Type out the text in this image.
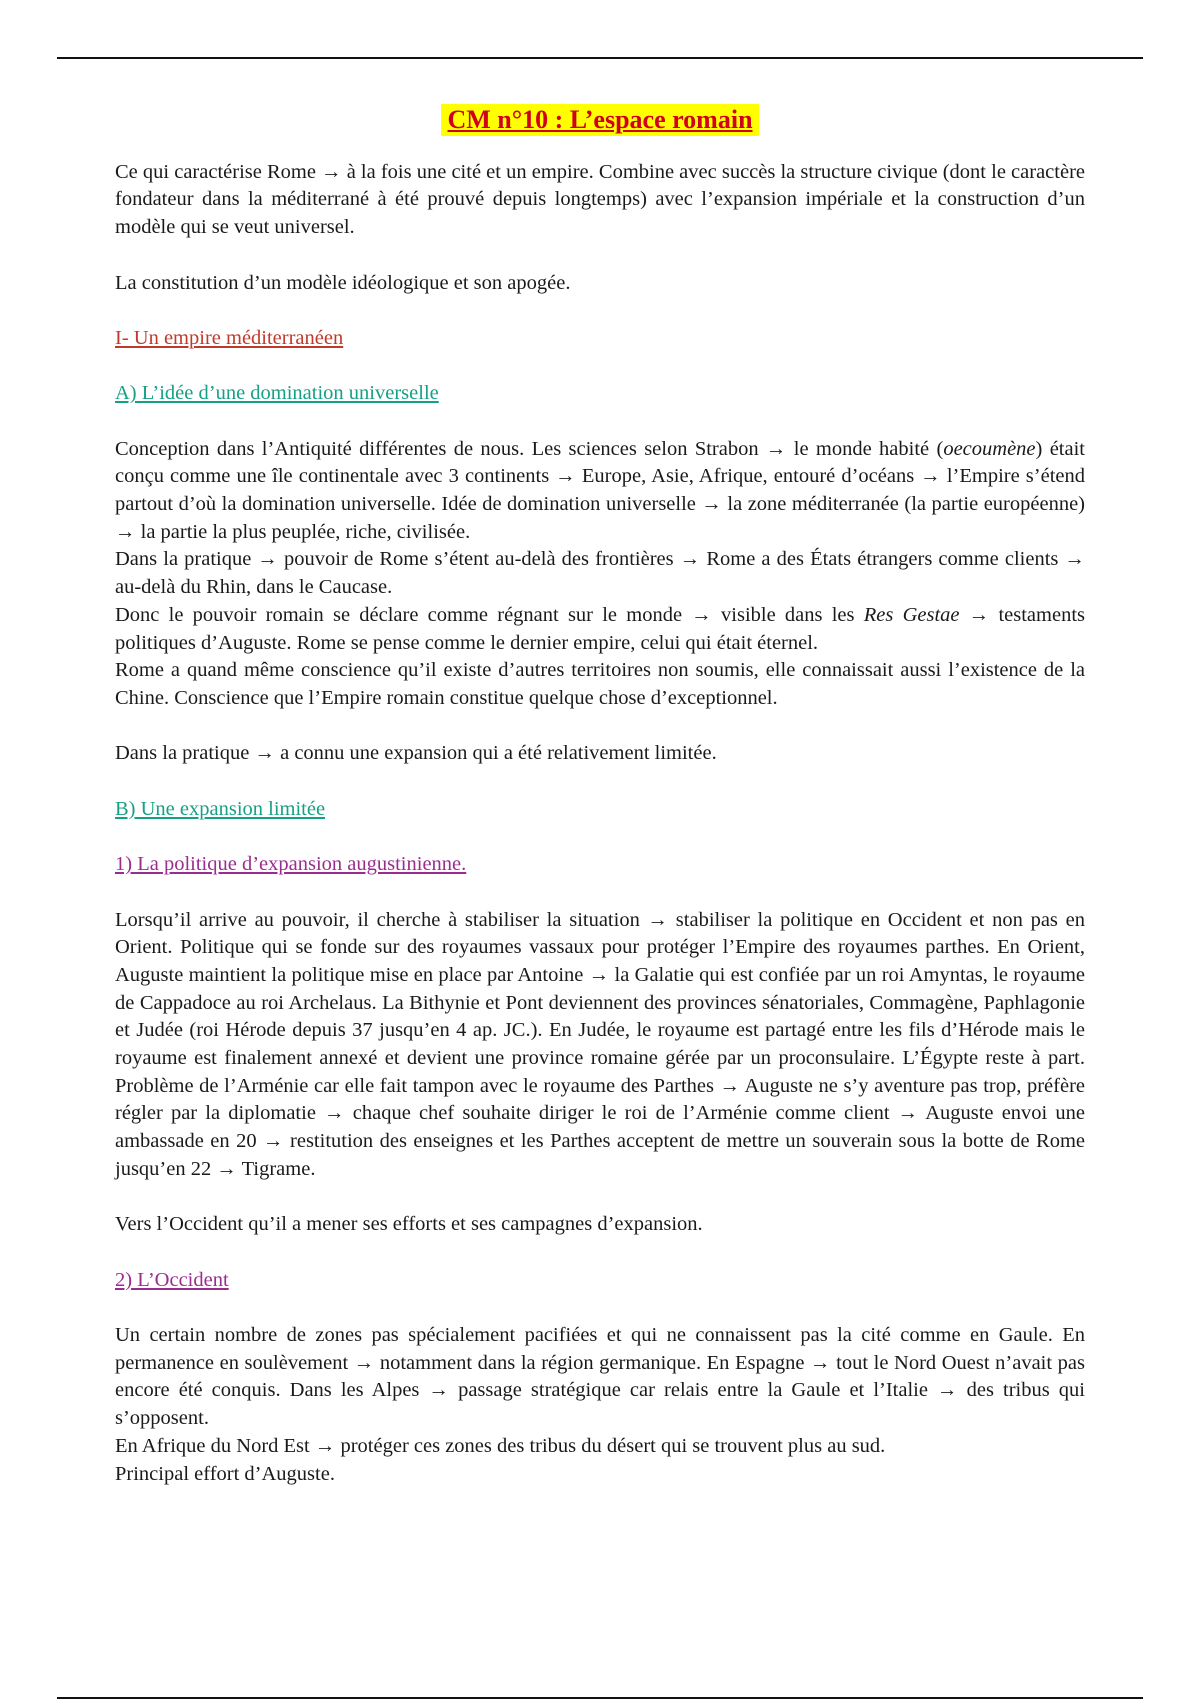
CM n°10 : L’espace romain

Ce qui caractérise Rome → à la fois une cité et un empire. Combine avec succès la structure civique (dont le caractère fondateur dans la méditerrané à été prouvé depuis longtemps) avec l’expansion impériale et la construction d’un modèle qui se veut universel.

La constitution d’un modèle idéologique et son apogée.

I- Un empire méditerranéen

A) L’idée d’une domination universelle

Conception dans l’Antiquité différentes de nous. Les sciences selon Strabon → le monde habité (oecoumène) était conçu comme une île continentale avec 3 continents → Europe, Asie, Afrique, entouré d’océans → l’Empire s’étend partout d’où la domination universelle. Idée de domination universelle → la zone méditerranée (la partie européenne) → la partie la plus peuplée, riche, civilisée.

Dans la pratique → pouvoir de Rome s’étent au-delà des frontières → Rome a des États étrangers comme clients → au-delà du Rhin, dans le Caucase.

Donc le pouvoir romain se déclare comme régnant sur le monde → visible dans les Res Gestae → testaments politiques d’Auguste. Rome se pense comme le dernier empire, celui qui était éternel.

Rome a quand même conscience qu’il existe d’autres territoires non soumis, elle connaissait aussi l’existence de la Chine. Conscience que l’Empire romain constitue quelque chose d’exceptionnel.

Dans la pratique → a connu une expansion qui a été relativement limitée.

B) Une expansion limitée

1) La politique d’expansion augustinienne.

Lorsqu’il arrive au pouvoir, il cherche à stabiliser la situation → stabiliser la politique en Occident et non pas en Orient. Politique qui se fonde sur des royaumes vassaux pour protéger l’Empire des royaumes parthes. En Orient, Auguste maintient la politique mise en place par Antoine → la Galatie qui est confiée par un roi Amyntas, le royaume de Cappadoce au roi Archelaus. La Bithynie et Pont deviennent des provinces sénatoriales, Commagène, Paphlagonie et Judée (roi Hérode depuis 37 jusqu’en 4 ap. JC.). En Judée, le royaume est partagé entre les fils d’Hérode mais le royaume est finalement annexé et devient une province romaine gérée par un proconsulaire. L’Égypte reste à part. Problème de l’Arménie car elle fait tampon avec le royaume des Parthes → Auguste ne s’y aventure pas trop, préfère régler par la diplomatie → chaque chef souhaite diriger le roi de l’Arménie comme client → Auguste envoi une ambassade en 20 → restitution des enseignes et les Parthes acceptent de mettre un souverain sous la botte de Rome jusqu’en 22 → Tigrame.

Vers l’Occident qu’il a mener ses efforts et ses campagnes d’expansion.

2) L’Occident

Un certain nombre de zones pas spécialement pacifiées et qui ne connaissent pas la cité comme en Gaule. En permanence en soulèvement → notamment dans la région germanique. En Espagne → tout le Nord Ouest n’avait pas encore été conquis. Dans les Alpes → passage stratégique car relais entre la Gaule et l’Italie → des tribus qui s’opposent.

En Afrique du Nord Est → protéger ces zones des tribus du désert qui se trouvent plus au sud.

Principal effort d’Auguste.
